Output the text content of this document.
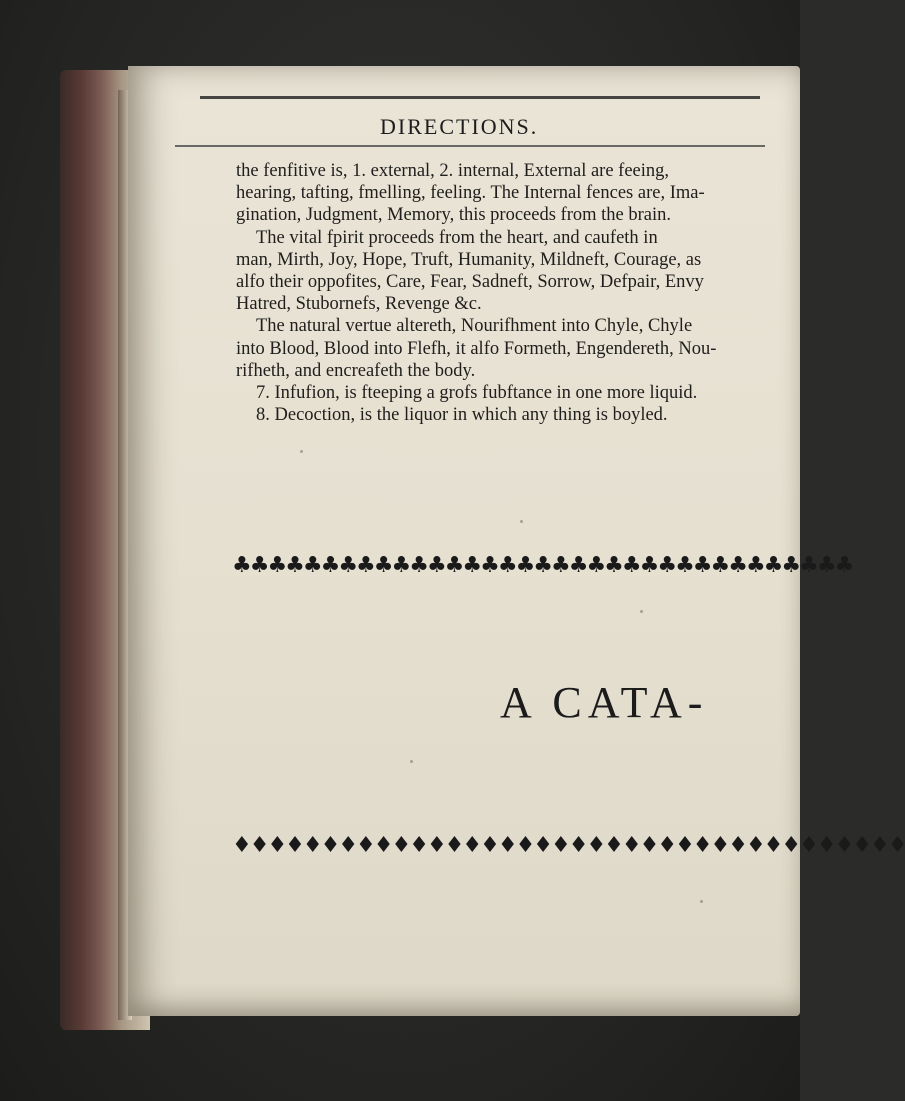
DIRECTIONS.
the fenfitive is, 1. external, 2. internal, External are feeing,
hearing, tafting, fmelling, feeling. The Internal fences are, Ima-
gination, Judgment, Memory, this proceeds from the brain.
The vital fpirit proceeds from the heart, and caufeth in
man, Mirth, Joy, Hope, Truft, Humanity, Mildneft, Courage, as
alfo their oppofites, Care, Fear, Sadneft, Sorrow, Defpair, Envy
Hatred, Stubornefs, Revenge &c.
The natural vertue altereth, Nourifhment into Chyle, Chyle
into Blood, Blood into Flefh, it alfo Formeth, Engendereth, Nou-
rifheth, and encreafeth the body.
7. Infufion, is fteeping a grofs fubftance in one more liquid.
8. Decoction, is the liquor in which any thing is boyled.
♣♣♣♣♣♣♣♣♣♣♣♣♣♣♣♣♣♣♣♣♣♣♣♣♣♣♣♣♣♣♣♣♣♣♣
A CATA-
♦♦♦♦♦♦♦♦♦♦♦♦♦♦♦♦♦♦♦♦♦♦♦♦♦♦♦♦♦♦♦♦♦♦♦♦♦♦
